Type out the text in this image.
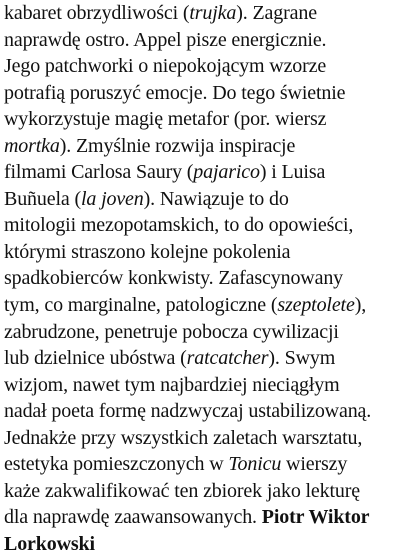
kabaret obrzydliwości (trujka). Zagrane
naprawdę ostro. Appel pisze energicznie.
Jego patchworki o niepokojącym wzorze
potrafią poruszyć emocje. Do tego świetnie
wykorzystuje magię metafor (por. wiersz
mortka). Zmyślnie rozwija inspiracje
filmami Carlosa Saury (pajarico) i Luisa
Buñuela (la joven). Nawiązuje to do
mitologii mezopotamskich, to do opowieści,
którymi straszono kolejne pokolenia
spadkobierców konkwisty. Zafascynowany
tym, co marginalne, patologiczne (szeptolete),
zabrudzone, penetruje pobocza cywilizacji
lub dzielnice ubóstwa (ratcatcher). Swym
wizjom, nawet tym najbardziej nieciągłym
nadał poeta formę nadzwyczaj ustabilizowaną.
Jednakże przy wszystkich zaletach warsztatu,
estetyka pomieszczonych w Tonicu wierszy
każe zakwalifikować ten zbiorek jako lekturę
dla naprawdę zaawansowanych. Piotr Wiktor
Lorkowski
